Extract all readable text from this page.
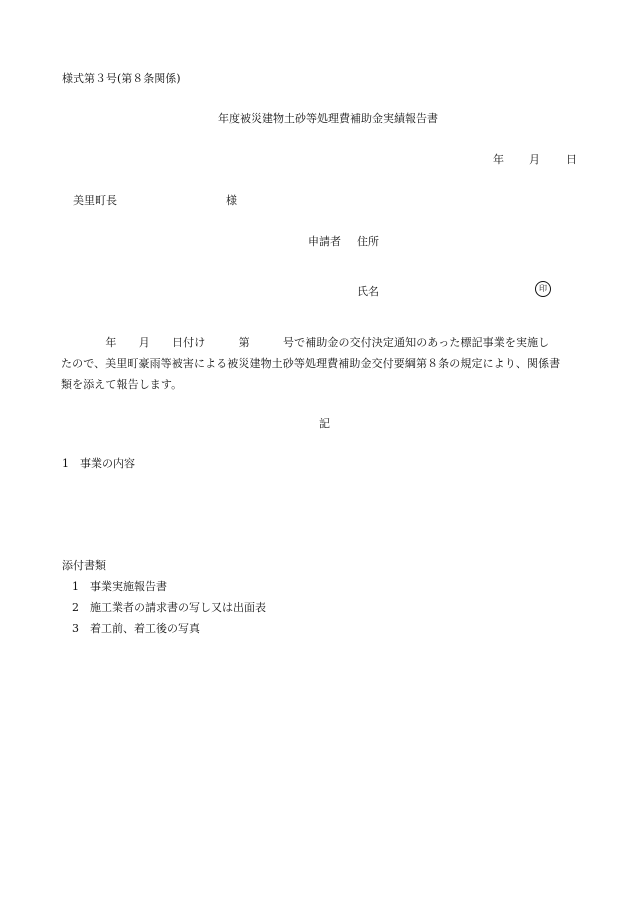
様式第３号(第８条関係)
年度被災建物土砂等処理費補助金実績報告書
年 月 日
美里町長	様
申請者 住所
氏名	印
　　　　年　　月　　日付け　　　第　　　号で補助金の交付決定通知のあった標記事業を実施し
たので、美里町豪雨等被害による被災建物土砂等処理費補助金交付要綱第８条の規定により、関係書
類を添えて報告します。
記
1　事業の内容
添付書類
1 事業実施報告書
2 施工業者の請求書の写し又は出面表
3 着工前、着工後の写真
